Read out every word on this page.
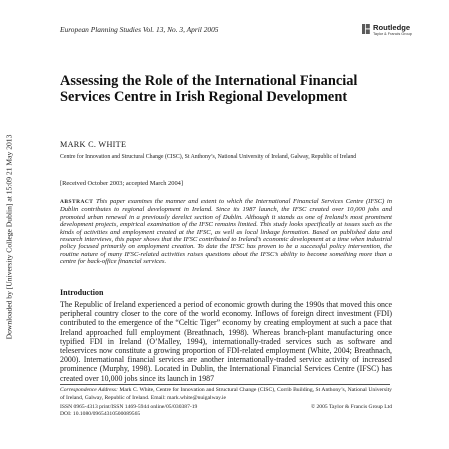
Downloaded by [University College Dublin] at 15:09 21 May 2013
European Planning Studies Vol. 13, No. 3, April 2005	Routledge
Taylor & Francis Group
Assessing the Role of the International Financial Services Centre in Irish Regional Development
MARK C. WHITE
Centre for Innovation and Structural Change (CISC), St Anthony’s, National University of Ireland, Galway, Republic of Ireland
[Received October 2003; accepted March 2004]
ABSTRACT This paper examines the manner and extent to which the International Financial Services Centre (IFSC) in Dublin contributes to regional development in Ireland. Since its 1987 launch, the IFSC created over 10,000 jobs and promoted urban renewal in a previously derelict section of Dublin. Although it stands as one of Ireland’s most prominent development projects, empirical examination of the IFSC remains limited. This study looks specifically at issues such as the kinds of activities and employment created at the IFSC, as well as local linkage formation. Based on published data and research interviews, this paper shows that the IFSC contributed to Ireland’s economic development at a time when industrial policy focused primarily on employment creation. To date the IFSC has proven to be a successful policy intervention, the routine nature of many IFSC-related activities raises questions about the IFSC’s ability to become something more than a centre for back-office financial services.
Introduction
The Republic of Ireland experienced a period of economic growth during the 1990s that moved this once peripheral country closer to the core of the world economy. Inflows of foreign direct investment (FDI) contributed to the emergence of the “Celtic Tiger” economy by creating employment at such a pace that Ireland approached full employment (Breathnach, 1998). Whereas branch-plant manufacturing once typified FDI in Ireland (O’Malley, 1994), internationally-traded services such as software and teleservices now constitute a growing proportion of FDI-related employment (White, 2004; Breathnach, 2000). International financial services are another internationally-traded service activity of increased prominence (Murphy, 1998). Located in Dublin, the International Financial Services Centre (IFSC) has created over 10,000 jobs since its launch in 1987
Correspondence Address: Mark C. White, Centre for Innovation and Structural Change (CISC), Corrib Building, St Anthony’s, National University of Ireland, Galway, Republic of Ireland. Email: mark.white@nuigalway.ie
ISSN 0965-4313 print/ISSN 1469-5944 online/05/030387-19	© 2005 Taylor & Francis Group Ltd
DOI: 10.1080/09654310500089565
